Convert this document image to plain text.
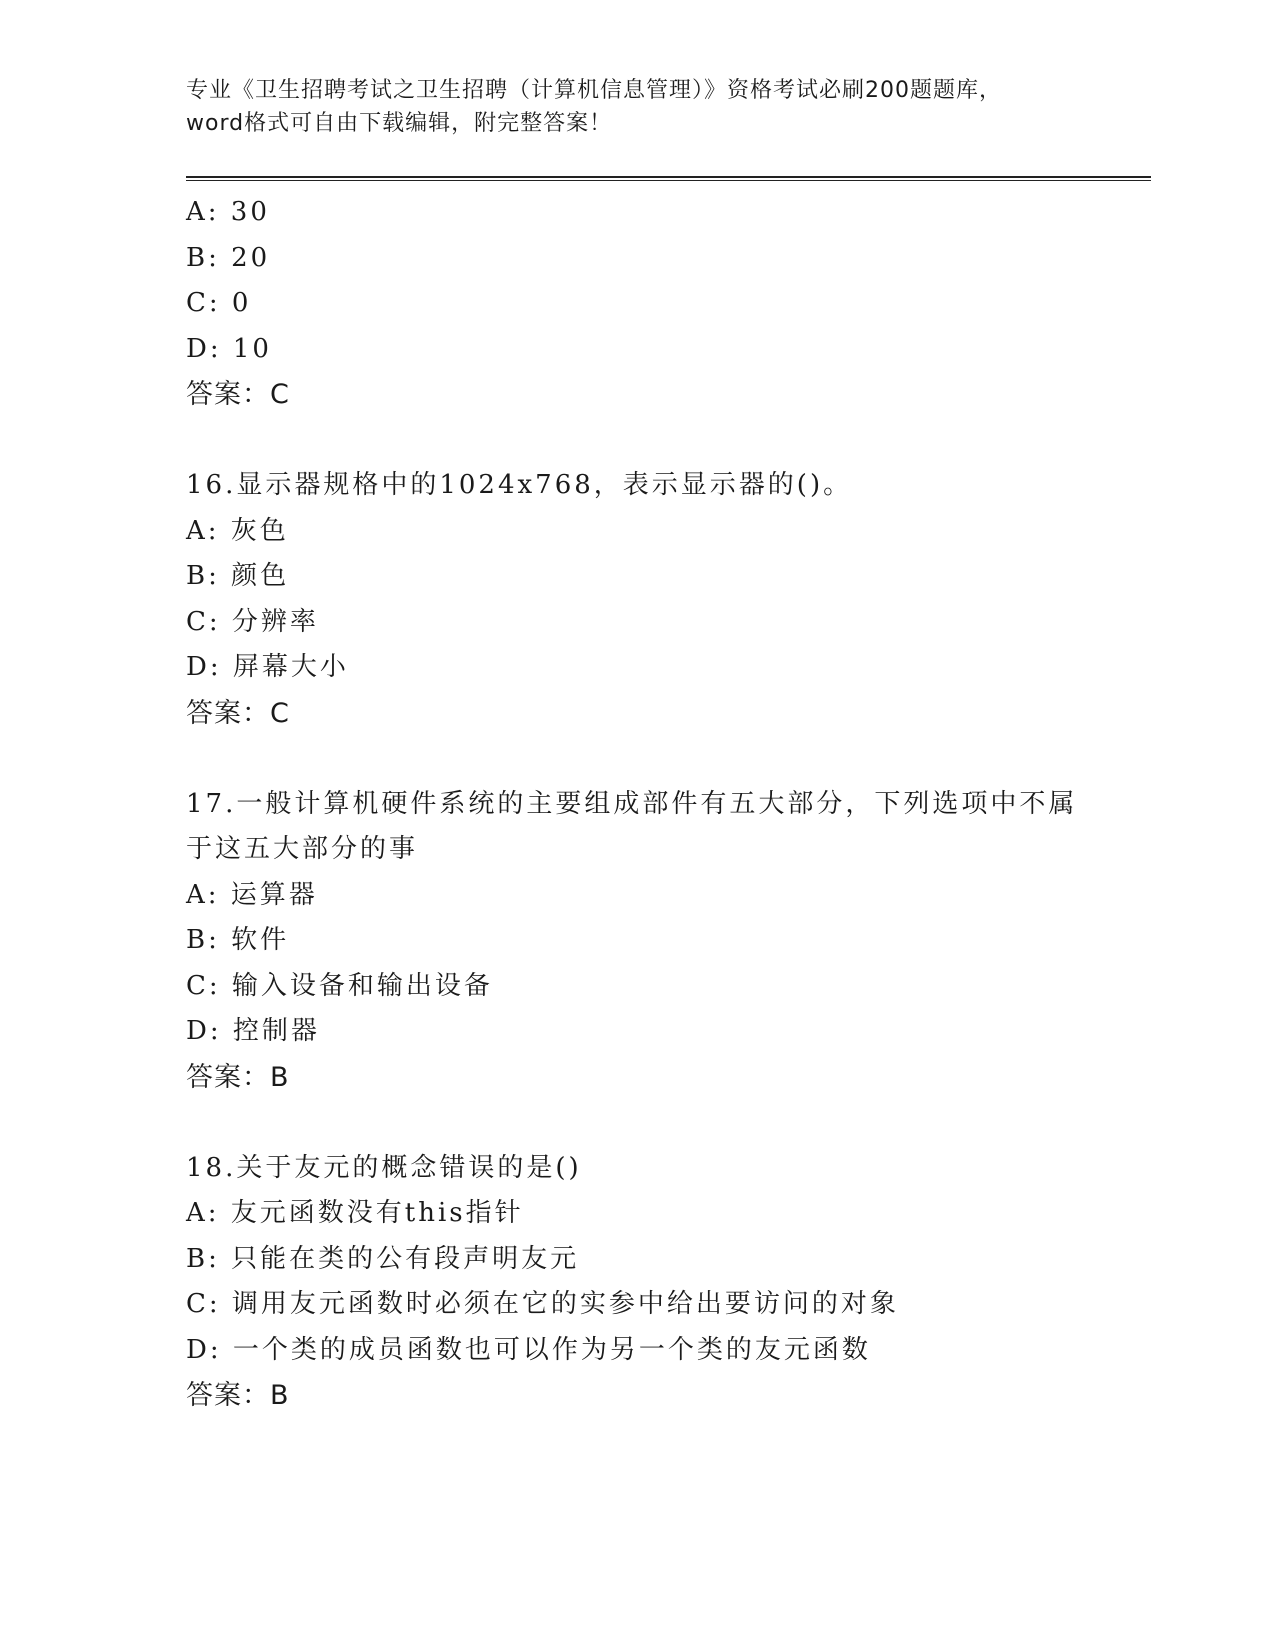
专业《卫生招聘考试之卫生招聘（计算机信息管理）》资格考试必刷200题题库，
word格式可自由下载编辑，附完整答案！
A: 30
B: 20
C: 0
D: 10
答案：C
16.显示器规格中的1024x768，表示显示器的()。
A: 灰色
B: 颜色
C: 分辨率
D: 屏幕大小
答案：C
17.一般计算机硬件系统的主要组成部件有五大部分，下列选项中不属
于这五大部分的事
A: 运算器
B: 软件
C: 输入设备和输出设备
D: 控制器
答案：B
18.关于友元的概念错误的是()
A: 友元函数没有this指针
B: 只能在类的公有段声明友元
C: 调用友元函数时必须在它的实参中给出要访问的对象
D: 一个类的成员函数也可以作为另一个类的友元函数
答案：B
